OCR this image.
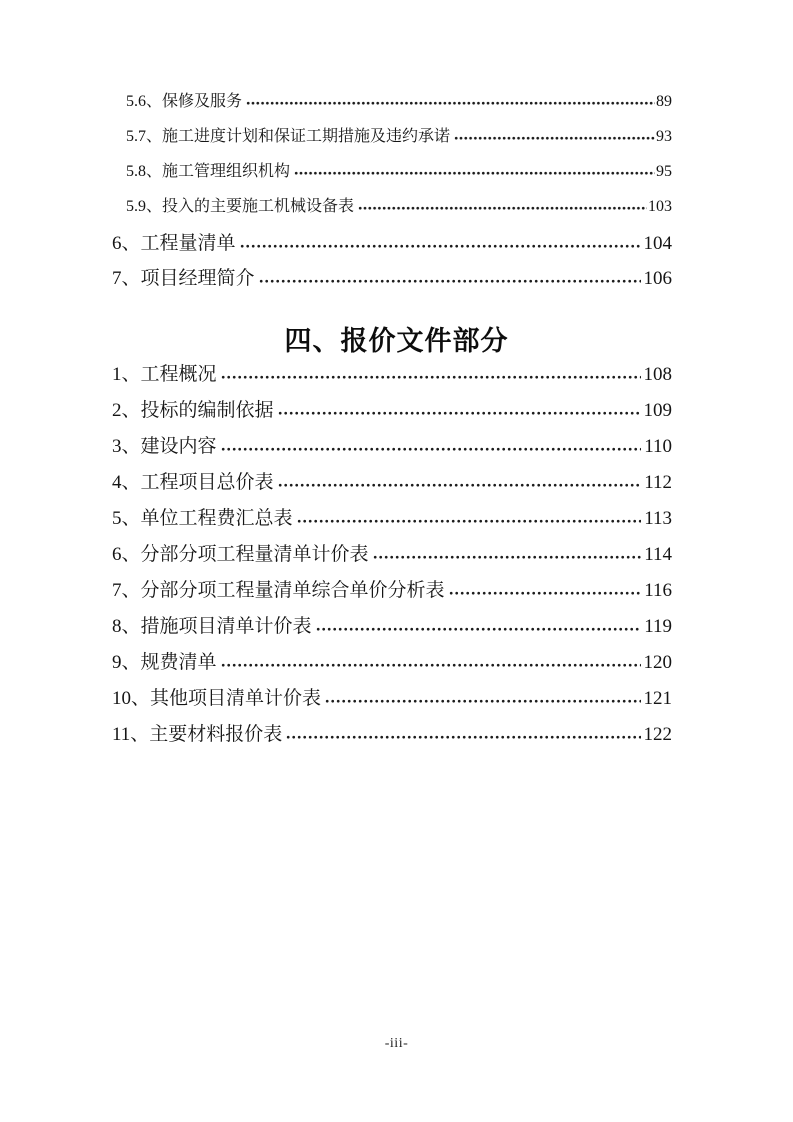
5.6、保修及服务	89
5.7、施工进度计划和保证工期措施及违约承诺	93
5.8、施工管理组织机构	95
5.9、投入的主要施工机械设备表	103
6、工程量清单	104
7、项目经理简介	106
四、报价文件部分
1、工程概况	108
2、投标的编制依据	109
3、建设内容	110
4、工程项目总价表	112
5、单位工程费汇总表	113
6、分部分项工程量清单计价表	114
7、分部分项工程量清单综合单价分析表	116
8、措施项目清单计价表	119
9、规费清单	120
10、其他项目清单计价表	121
11、主要材料报价表	122
-iii-
